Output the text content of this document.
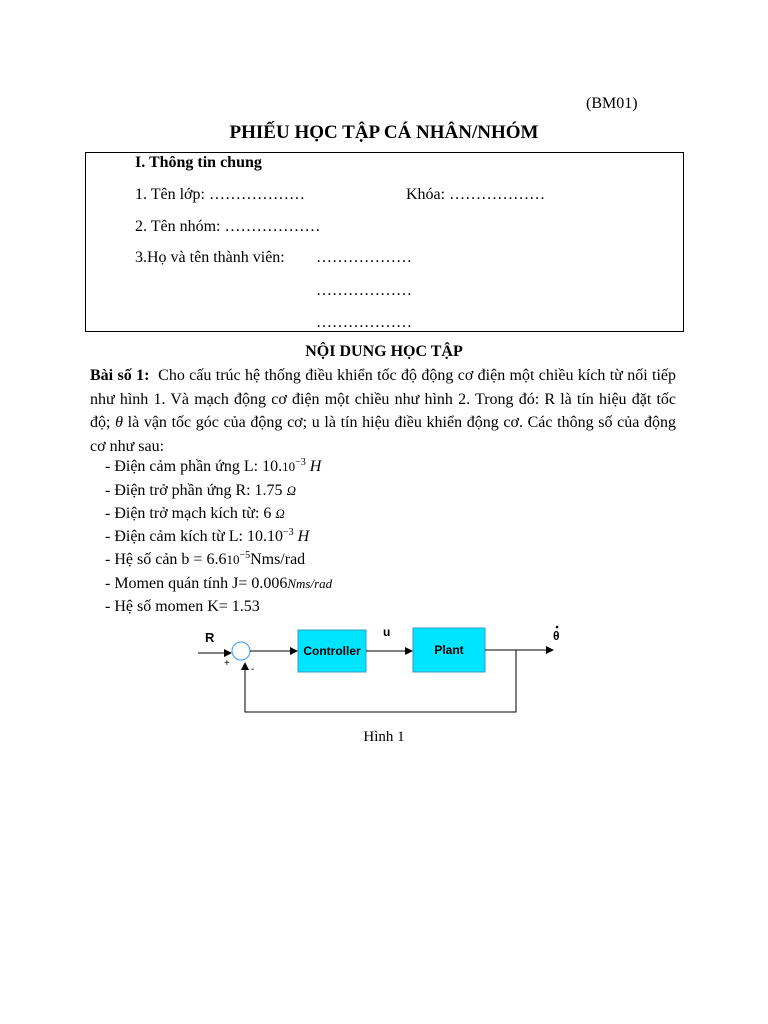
(BM01)
PHIẾU HỌC TẬP CÁ NHÂN/NHÓM
I. Thông tin chung
1. Tên lớp: ………………	Khóa: ………………
2. Tên nhóm: ………………
3.Họ và tên thành viên: ………………
………………
………………
NỘI DUNG HỌC TẬP
Bài số 1: Cho cấu trúc hệ thống điều khiển tốc độ động cơ điện một chiều kích từ nối tiếp như hình 1. Và mạch động cơ điện một chiều như hình 2. Trong đó: R là tín hiệu đặt tốc độ; θ là vận tốc góc của động cơ; u là tín hiệu điều khiển động cơ. Các thông số của động cơ như sau:
- Điện cảm phần ứng L: $10.10^{-3}$ H
- Điện trở phần ứng R: 1.75 Ω
- Điện trở mạch kích từ: 6 Ω
- Điện cảm kích từ L: $10.10^{-3}$ H
- Hệ số cản $b = 6.610^{-5}Nms$/rad
- Momen quán tính J= 0.006Nms/rad
- Hệ số momen K= 1.53
R
+
-
Controller
u
Plant
θ
Hình 1
